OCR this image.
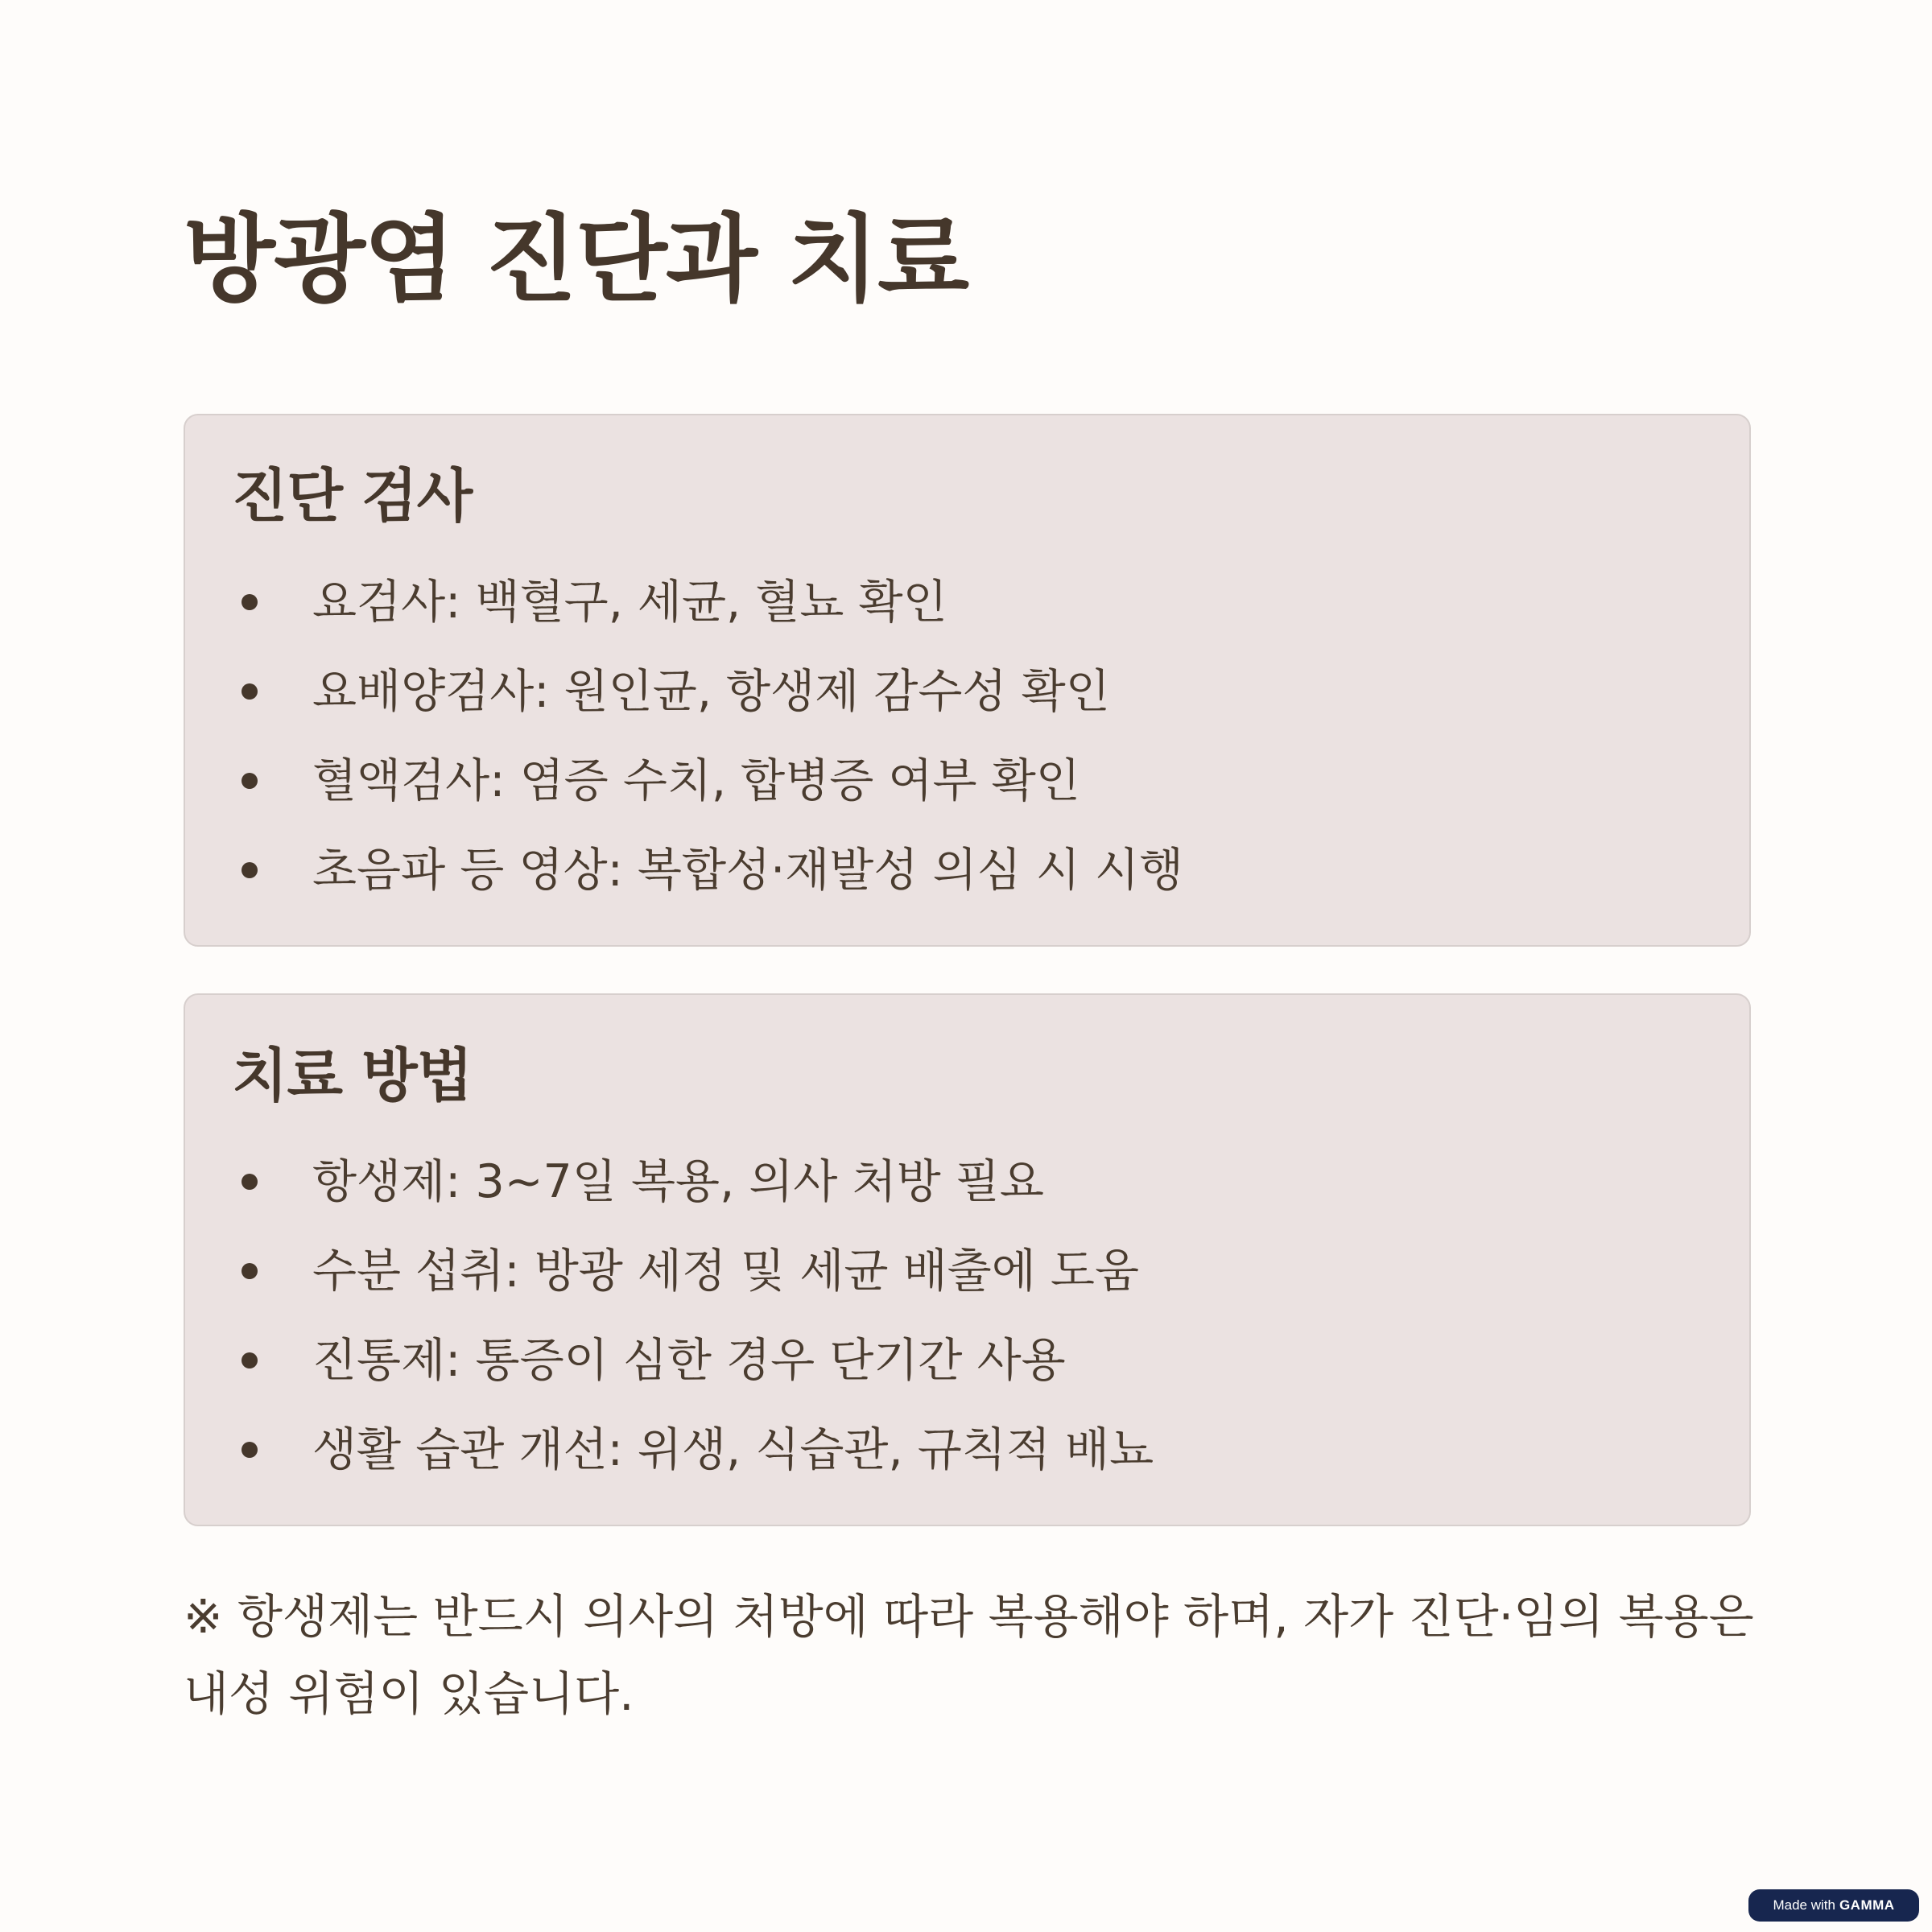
방광염 진단과 치료
진단 검사
요검사: 백혈구, 세균, 혈뇨 확인
요배양검사: 원인균, 항생제 감수성 확인
혈액검사: 염증 수치, 합병증 여부 확인
초음파 등 영상: 복합성·재발성 의심 시 시행
치료 방법
항생제: 3~7일 복용, 의사 처방 필요
수분 섭취: 방광 세정 및 세균 배출에 도움
진통제: 통증이 심한 경우 단기간 사용
생활 습관 개선: 위생, 식습관, 규칙적 배뇨

※ 항생제는 반드시 의사의 처방에 따라 복용해야 하며, 자가 진단·임의 복용은 내성 위험이 있습니다.

Made with GAMMA
